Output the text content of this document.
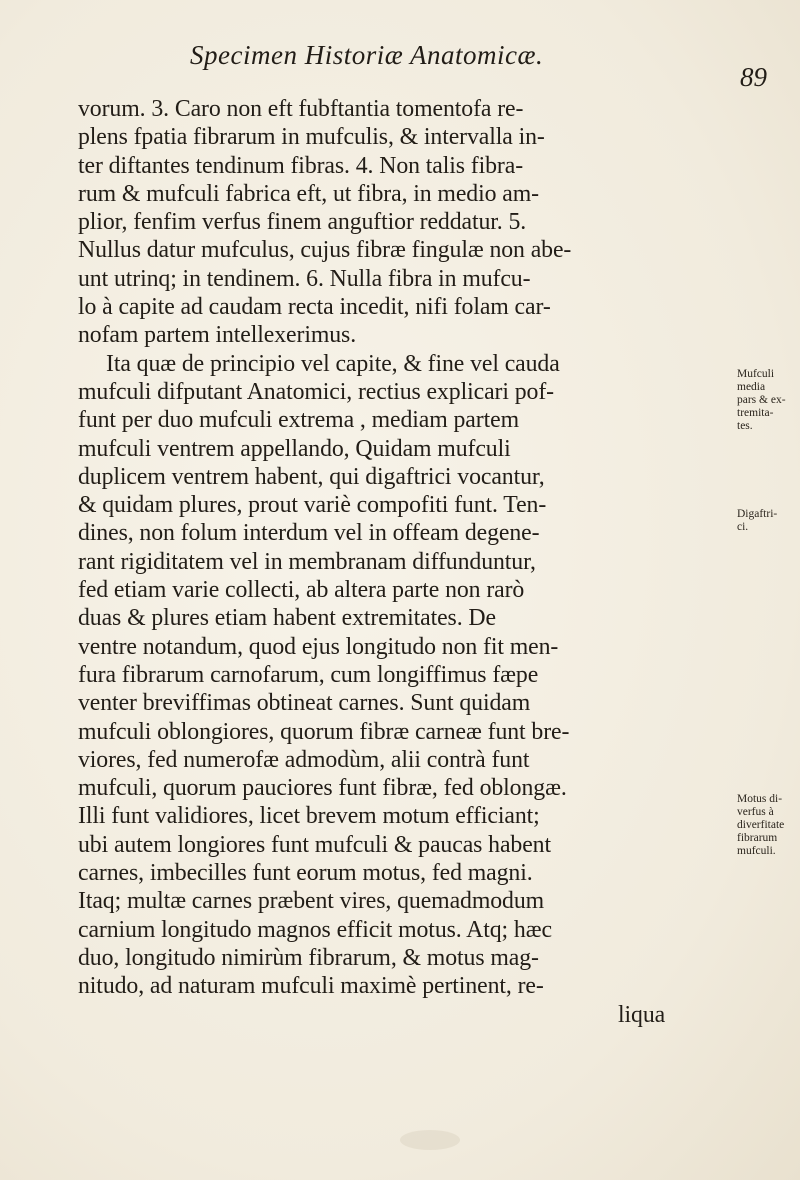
Specimen Historiæ Anatomicæ.
89
vorum. 3. Caro non eft fubftantia tomentofa re-
plens fpatia fibrarum in mufculis, & intervalla in-
ter diftantes tendinum fibras. 4. Non talis fibra-
rum & mufculi fabrica eft, ut fibra, in medio am-
plior, fenfim verfus finem anguftior reddatur. 5.
Nullus datur mufculus, cujus fibræ fingulæ non abe-
unt utrinq; in tendinem. 6. Nulla fibra in mufcu-
lo à capite ad caudam recta incedit, nifi folam car-
nofam partem intellexerimus.
Ita quæ de principio vel capite, & fine vel cauda
mufculi difputant Anatomici, rectius explicari pof-
funt per duo mufculi extrema , mediam partem
mufculi ventrem appellando, Quidam mufculi
duplicem ventrem habent, qui digaftrici vocantur,
& quidam plures, prout variè compofiti funt. Ten-
dines, non folum interdum vel in offeam degene-
rant rigiditatem vel in membranam diffunduntur,
fed etiam varie collecti, ab altera parte non rarò
duas & plures etiam habent extremitates. De
ventre notandum, quod ejus longitudo non fit men-
fura fibrarum carnofarum, cum longiffimus fæpe
venter breviffimas obtineat carnes. Sunt quidam
mufculi oblongiores, quorum fibræ carneæ funt bre-
viores, fed numerofæ admodùm, alii contrà funt
mufculi, quorum pauciores funt fibræ, fed oblongæ.
Illi funt validiores, licet brevem motum efficiant;
ubi autem longiores funt mufculi & paucas habent
carnes, imbecilles funt eorum motus, fed magni.
Itaq; multæ carnes præbent vires, quemadmodum
carnium longitudo magnos efficit motus. Atq; hæc
duo, longitudo nimirùm fibrarum, & motus mag-
nitudo, ad naturam mufculi maximè pertinent, re-
liqua
Mufculi
media
pars & ex-
tremita-
tes.
Digaftri-
ci.
Motus di-
verfus à
diverfitate
fibrarum
mufculi.
